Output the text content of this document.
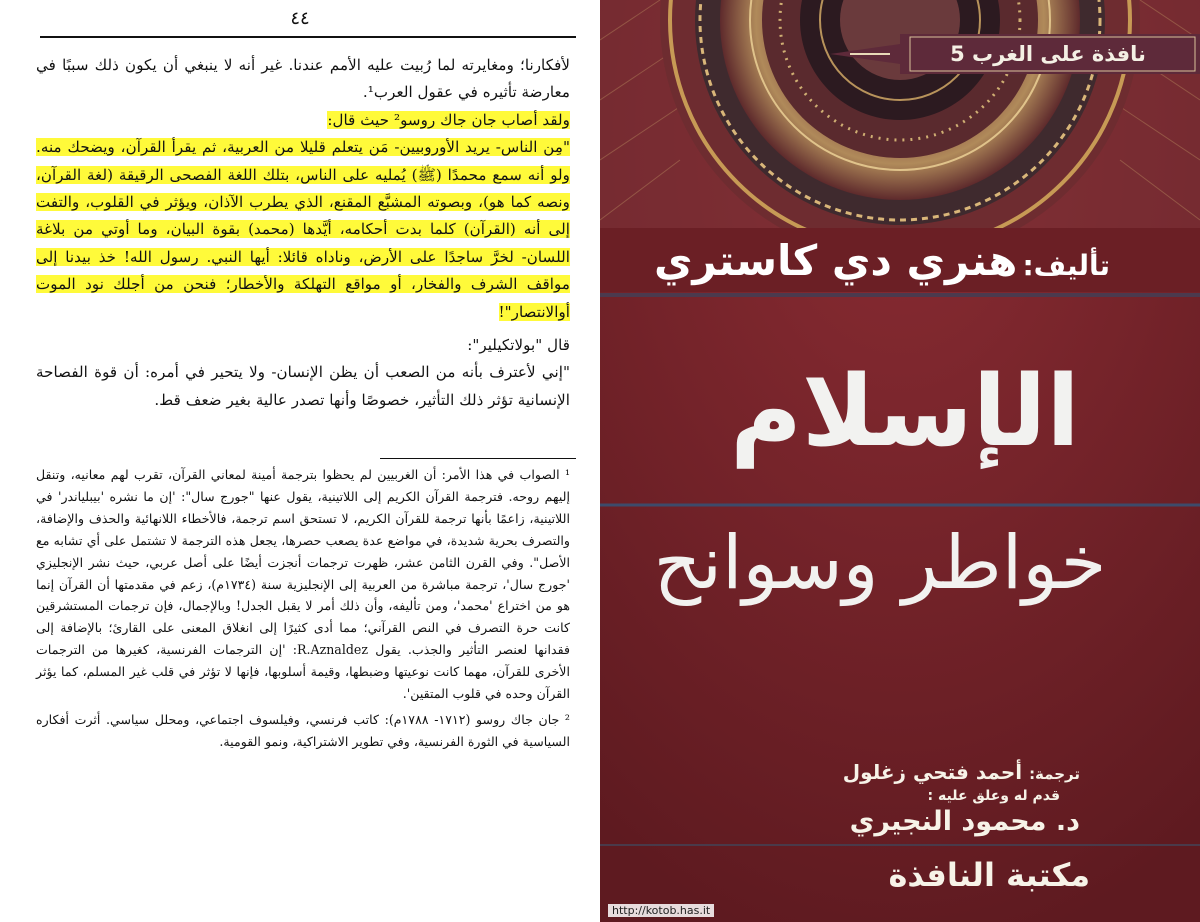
٤٤

لأفكارنا؛ ومغايرته لما رُبيت عليه الأمم عندنا. غير أنه لا ينبغي أن يكون ذلك سببًا في معارضة تأثيره في عقول العرب¹.

ولقد أصاب جان جاك روسو² حيث قال:

"مِن الناس- يريد الأوروبيين- مَن يتعلم قليلا من العربية، ثم يقرأ القرآن، ويضحك منه. ولو أنه سمع محمدًا (ﷺ) يُمليه على الناس، بتلك اللغة الفصحى الرقيقة (لغة القرآن، ونصه كما هو)، وبصوته المشبَّع المقنع، الذي يطرب الآذان، ويؤثر في القلوب، والتفت إلى أنه (القرآن) كلما بدت أحكامه، أيَّدها (محمد) بقوة البيان، وما أوتي من بلاغة اللسان- لخرَّ ساجدًا على الأرض، وناداه قائلا: أيها النبي. رسول الله! خذ بيدنا إلى مواقف الشرف والفخار، أو مواقع التهلكة والأخطار؛ فنحن من أجلك نود الموت أوالانتصار"!

قال "بولاتكيلير":

"إني لأعترف بأنه من الصعب أن يظن الإنسان- ولا يتحير في أمره: أن قوة الفصاحة الإنسانية تؤثر ذلك التأثير، خصوصًا وأنها تصدر عالية بغير ضعف قط.

¹ الصواب في هذا الأمر: أن الغربيين لم يحظوا بترجمة أمينة لمعاني القرآن، تقرب لهم معانيه، وتنقل إليهم روحه. فترجمة القرآن الكريم إلى اللاتينية، يقول عنها "جورج سال": 'إن ما نشره 'بيبلياندر' في اللاتينية، زاعمًا بأنها ترجمة للقرآن الكريم، لا تستحق اسم ترجمة، فالأخطاء اللانهائية والحذف والإضافة، والتصرف بحرية شديدة، في مواضع عدة يصعب حصرها، يجعل هذه الترجمة لا تشتمل على أي تشابه مع الأصل". وفي القرن الثامن عشر، ظهرت ترجمات أنجزت أيضًا على أصل عربي، حيث نشر الإنجليزي 'جورج سال'، ترجمة مباشرة من العربية إلى الإنجليزية سنة (١٧٣٤م)، زعم في مقدمتها أن القرآن إنما هو من اختراع 'محمد'، ومن تأليفه، وأن ذلك أمر لا يقبل الجدل! وبالإجمال، فإن ترجمات المستشرقين كانت حرة التصرف في النص القرآني؛ مما أدى كثيرًا إلى انغلاق المعنى على القارئ؛ بالإضافة إلى فقدانها لعنصر التأثير والجذب. يقول R.Aznaldez: 'إن الترجمات الفرنسية، كغيرها من الترجمات الأخرى للقرآن، مهما كانت نوعيتها وضبطها، وقيمة أسلوبها، فإنها لا تؤثر في قلب غير المسلم، كما يؤثر القرآن وحده في قلوب المتقين'.

² جان جاك روسو (١٧١٢- ١٧٨٨م): كاتب فرنسي، وفيلسوف اجتماعي، ومحلل سياسي. أثرت أفكاره السياسية في الثورة الفرنسية، وفي تطوير الاشتراكية، ونمو القومية.

نافذة على الغرب 5
تأليف: هنري دي كاستري
الإسلام
خواطر وسوانح
ترجمة: أحمد فتحي زغلول
قدم له وعلق عليه :
د. محمود النجيري
مكتبة النافذة
http://kotob.has.it
